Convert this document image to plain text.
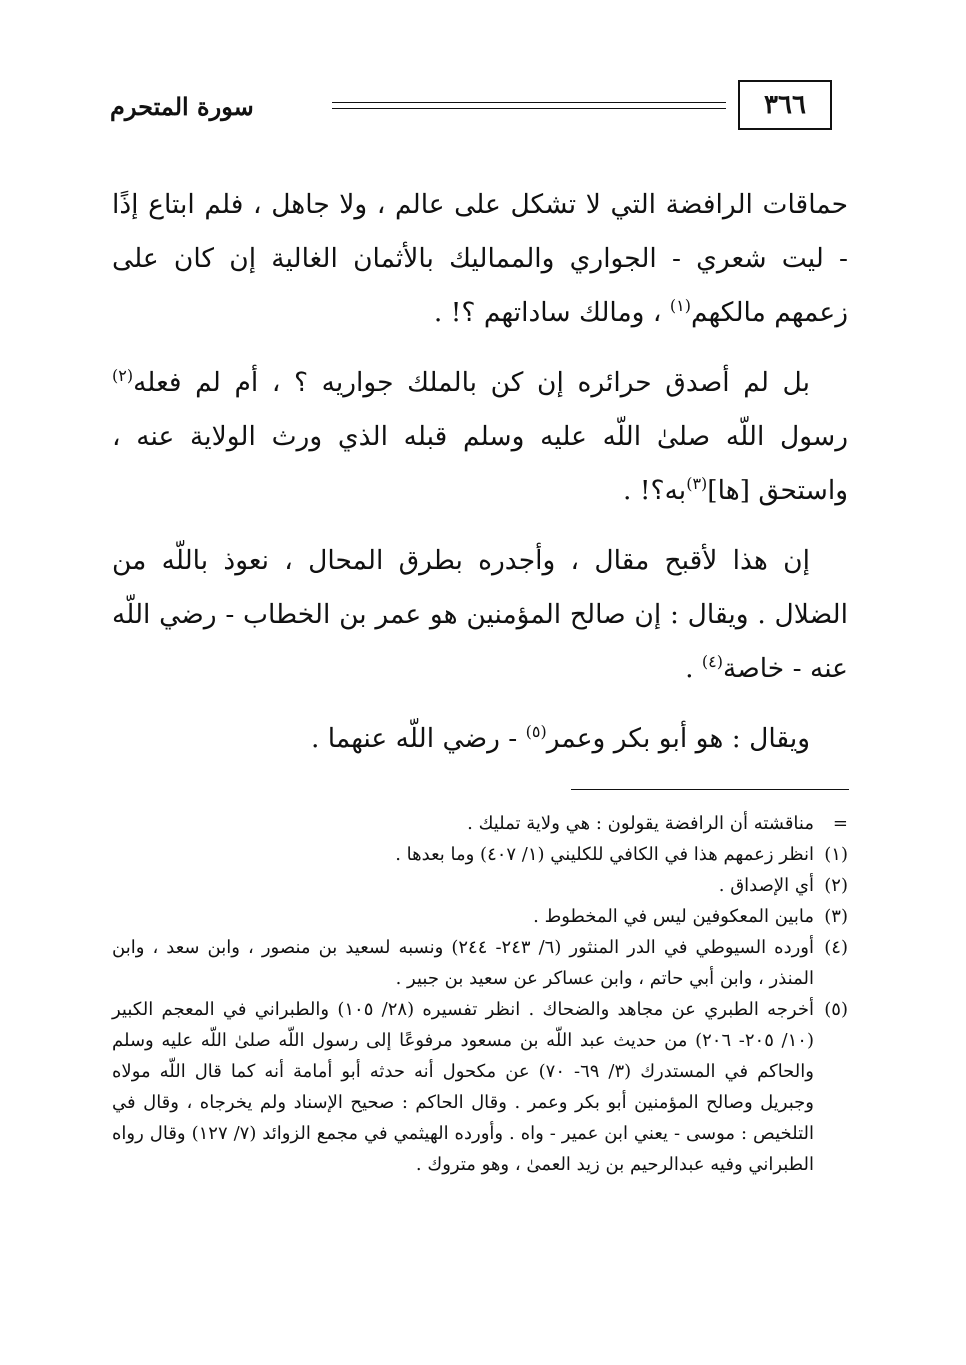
٣٦٦
سورة المتحرم

حماقات الرافضة التي لا تشكل على عالم ، ولا جاهل ، فلم ابتاع إذًا - ليت شعري - الجواري والمماليك بالأثمان الغالية إن كان على زعمهم مالكهم$^{(١)}$ ، ومالك ساداتهم ؟! .

بل لم أصدق حرائره إن كن بالملك جواريه ؟ ، أم لم فعله$^{(٢)}$ رسول اللّه صلىٰ اللّه عليه وسلم قبله الذي ورث الولاية عنه ، واستحق [ها]$^{(٣)}$به؟! .

إن هذا لأقبح مقال ، وأجدره بطرق المحال ، نعوذ باللّه من الضلال . ويقال : إن صالح المؤمنين هو عمر بن الخطاب - رضي اللّه عنه - خاصة$^{(٤)}$ .

ويقال : هو أبو بكر وعمر$^{(٥)}$ - رضي اللّه عنهما .

=مناقشته أن الرافضة يقولون : هي ولاية تمليك .

(١)انظر زعمهم هذا في الكافي للكليني (١/ ٤٠٧) وما بعدها .

(٢)أي الإصداق .

(٣)مابين المعكوفين ليس في المخطوط .

(٤)أورده السيوطي في الدر المنثور (٦/ ٢٤٣- ٢٤٤) ونسبه لسعيد بن منصور ، وابن سعد ، وابن المنذر ، وابن أبي حاتم ، وابن عساكر عن سعيد بن جبير .

(٥)أخرجه الطبري عن مجاهد والضحاك . انظر تفسيره (٢٨/ ١٠٥) والطبراني في المعجم الكبير (١٠/ ٢٠٥- ٢٠٦) من حديث عبد اللّه بن مسعود مرفوعًا إلى رسول اللّه صلىٰ اللّه عليه وسلم والحاكم في المستدرك (٣/ ٦٩- ٧٠) عن مكحول أنه حدثه أبو أمامة أنه كما قال اللّه مولاه وجبريل وصالح المؤمنين أبو بكر وعمر . وقال الحاكم : صحيح الإسناد ولم يخرجاه ، وقال في التلخيص : موسى - يعني ابن عمير - واه . وأورده الهيثمي في مجمع الزوائد (٧/ ١٢٧) وقال رواه الطبراني وفيه عبدالرحيم بن زيد العمىٰ ، وهو متروك .
